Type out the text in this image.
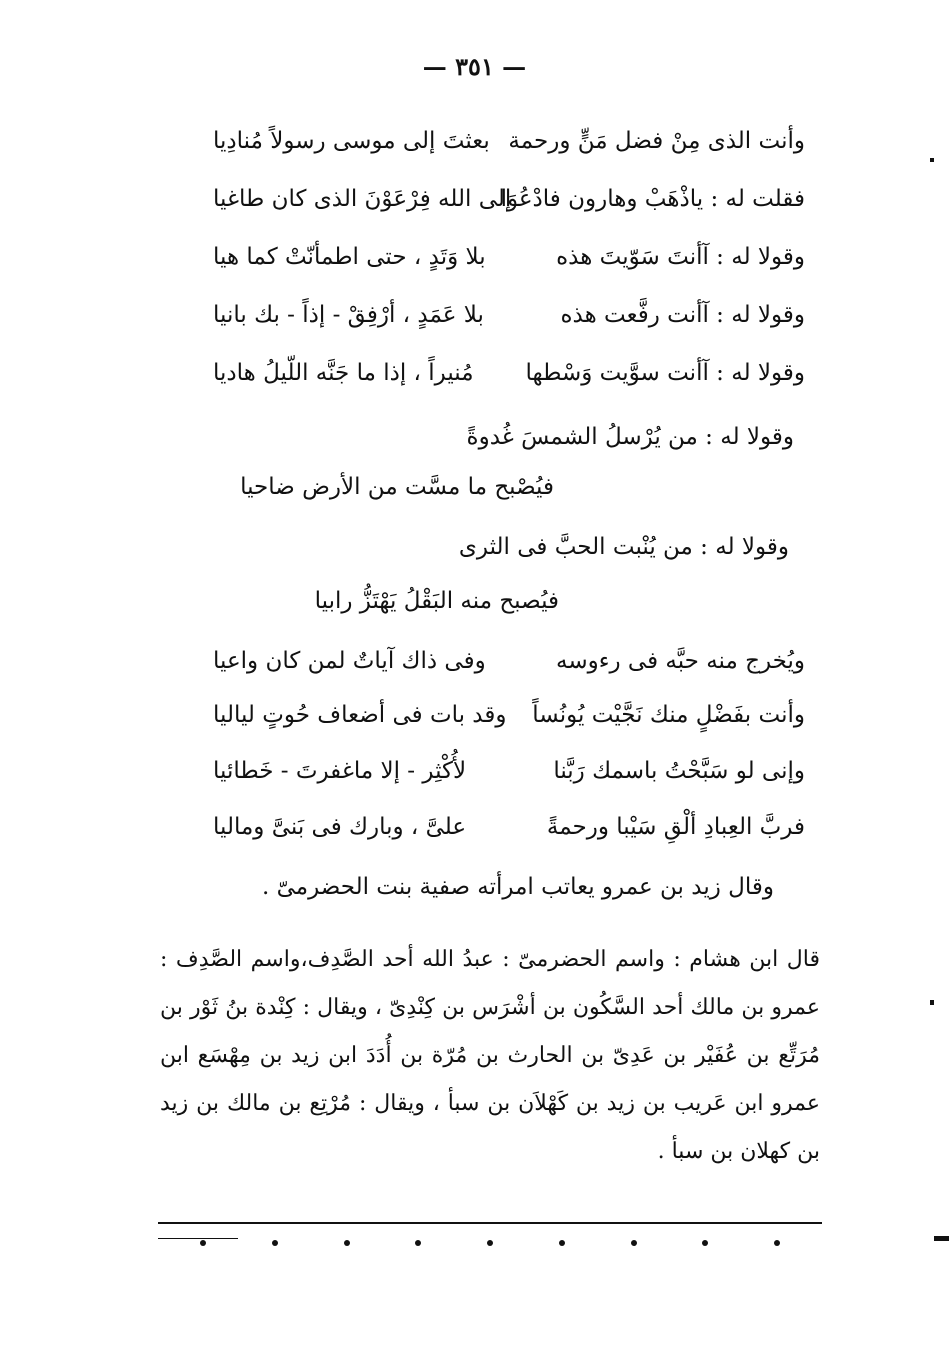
— ٣٥١ —
وأنت الذى مِنْ فضل مَنٍّ ورحمة
بعثتَ إلى موسى رسولاً مُنادِيا
فقلت له : ياذْهَبْ وهارون فادْعُوَا
إلى الله فِرْعَوْنَ الذى كان طاغيا
وقولا له : آأنتَ سَوّيتَ هذه
بلا وَتَدٍ ، حتى اطمأنّتْ كما هيا
وقولا له : آأنت رفَّعت هذه
بلا عَمَدٍ ، أرْفِقْ - إذاً - بك بانيا
وقولا له : آأنت سوَّيت وَسْطها
مُنيراً ، إذا ما جَنَّه اللّيلُ هاديا
وقولا له : من يُرْسلُ الشمسَ غُدوةً
فيُصْبح ما مسَّت من الأرض ضاحيا
وقولا له : من يُنْبت الحبَّ فى الثرى
فيُصبح منه البَقْلُ يَهْتَزُّ رابيا
ويُخرج منه حبَّه فى رءوسه
وفى ذاك آياتٌ لمن كان واعيا
وأنت بفَضْلٍ منك نَجَّيْت يُونُساً
وقد بات فى أضعاف حُوتٍ لياليا
وإنى لو سَبَّحْتُ باسمك رَبَّنا
لأُكْثِر - إلا ماغفرتَ - خَطائيا
فربَّ العِبادِ ألْقِ سَيْبا ورحمةً
علىَّ ، وبارك فى بَنىَّ وماليا
وقال زيد بن عمرو يعاتب امرأته صفية بنت الحضرمىّ .

قال ابن هشام : واسم الحضرمىّ : عبدُ الله أحد الصَّدِف،واسم الصَّدِف : عمرو بن مالك أحد السَّكُون بن أشْرَس بن كِنْدِىّ ، ويقال : كِنْدة بنُ ثَوْر بن مُرَتِّع بن عُفَيْر بن عَدِىّ بن الحارث بن مُرّة بن أُدَدَ ابن زيد بن مِهْسَع ابن عمرو ابن عَريب بن زيد بن كَهْلاَن بن سبأ ، ويقال : مُرْتِع بن مالك بن زيد بن كهلان بن سبأ .
